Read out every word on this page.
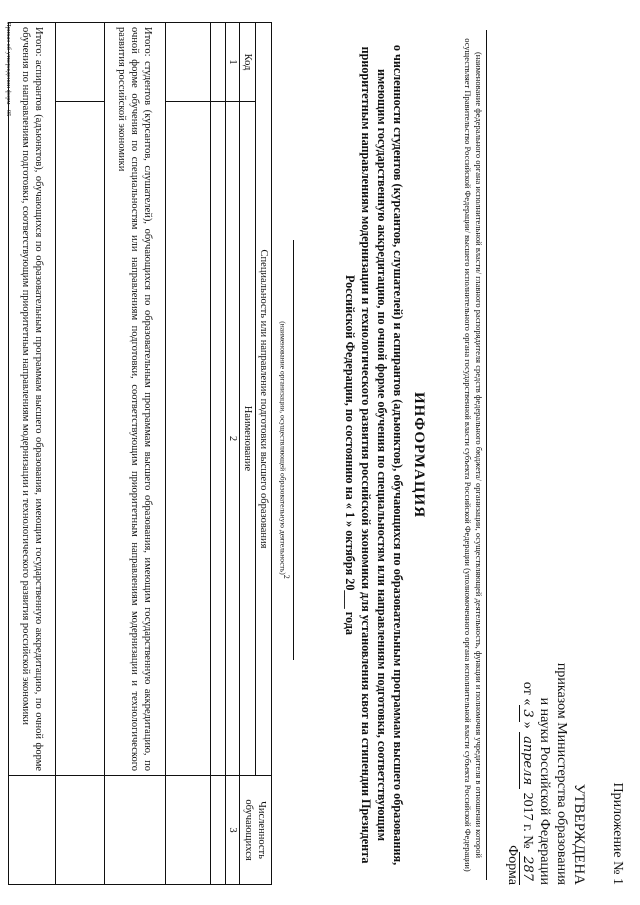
Приложение № 1
УТВЕРЖДЕНА
приказом Министерства образования
и науки Российской Федерации
от «3» апреля 2017 г. № 287
Форма
(наименование федерального органа исполнительной власти/ главного распорядителя средств федерального бюджета/ организации, осуществляющей деятельность, функции и полномочия учредителя в отношении которой осуществляет Правительство Российской Федерации/ высшего исполнительного органа государственной власти субъекта Российской Федерации (уполномоченного органа исполнительной власти субъекта Российской Федерации)
ИНФОРМАЦИЯ
о численности студентов (курсантов, слушателей) и аспирантов (адъюнктов), обучающихся по образовательным программам высшего образования, имеющим государственную аккредитацию, по очной форме обучения по специальностям или направлениям подготовки, соответствующим приоритетным направлениям модернизации и технологического развития российской экономики для установления квот на стипендии Президента Российской Федерации, по состоянию на « 1 » октября 20___ года
(наименование организации, осуществляющей образовательную деятельность)2
Специальность или направление подготовки высшего образования		Численность обучающихся
Код	Наименование	
1	2	3

Итого: студентов (курсантов, слушателей), обучающихся по образовательным программам высшего образования, имеющим государственную аккредитацию, по очной форме обучения по специальностям или направлениям подготовки, соответствующим приоритетным направлениям модернизации и технологического развития российской экономики		

Итого: аспирантов (адъюнктов), обучающихся по образовательным программам высшего образования, имеющим государственную аккредитацию, по очной форме обучения по направлениям подготовки, соответствующим приоритетным направлениям модернизации и технологического развития российской экономики		
Приказ об утверждении форм - 05
